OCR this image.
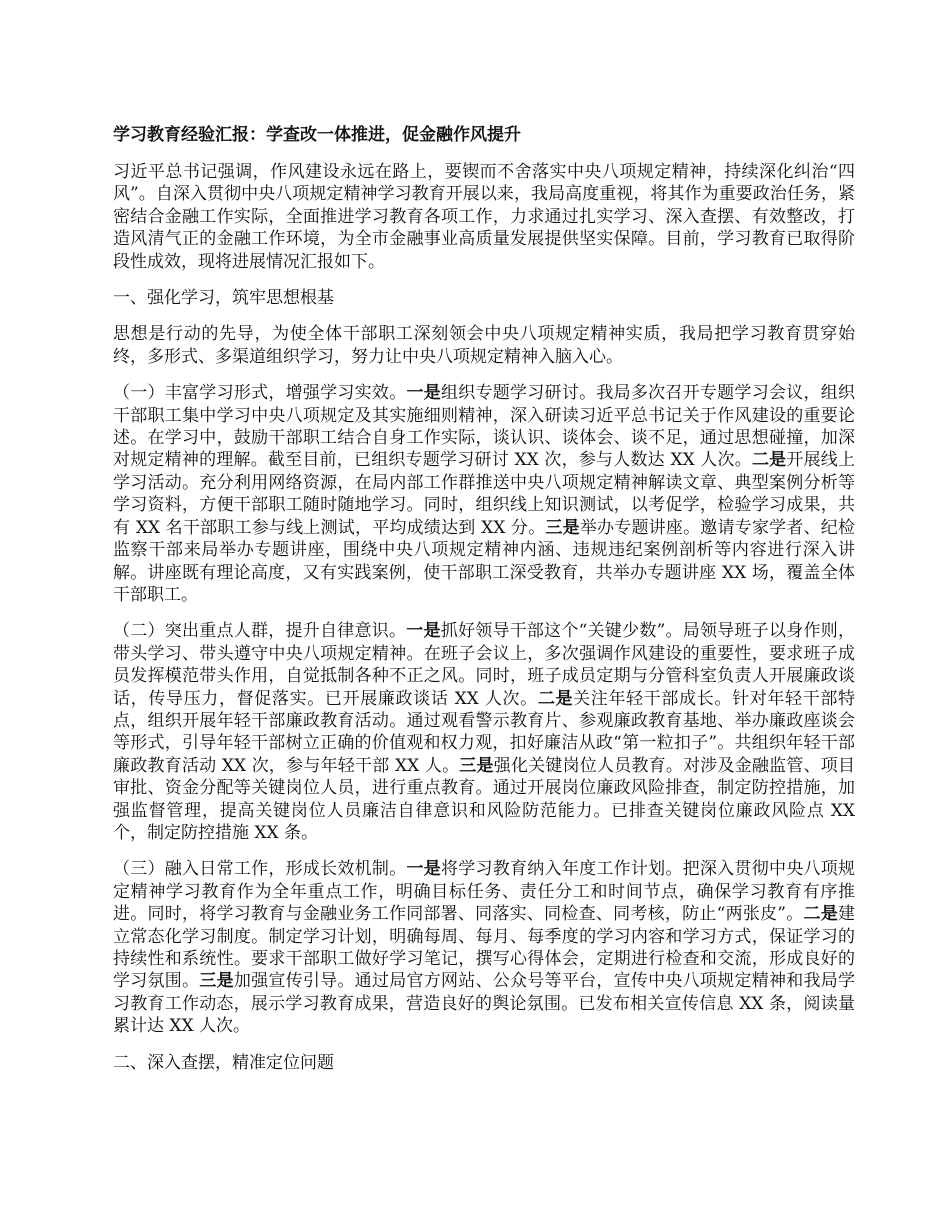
学习教育经验汇报：学查改一体推进，促金融作风提升

习近平总书记强调，作风建设永远在路上，要锲而不舍落实中央八项规定精神，持续深化纠治“四风”。自深入贯彻中央八项规定精神学习教育开展以来，我局高度重视，将其作为重要政治任务，紧密结合金融工作实际，全面推进学习教育各项工作，力求通过扎实学习、深入查摆、有效整改，打造风清气正的金融工作环境，为全市金融事业高质量发展提供坚实保障。目前，学习教育已取得阶段性成效，现将进展情况汇报如下。

一、强化学习，筑牢思想根基

思想是行动的先导，为使全体干部职工深刻领会中央八项规定精神实质，我局把学习教育贯穿始终，多形式、多渠道组织学习，努力让中央八项规定精神入脑入心。

（一）丰富学习形式，增强学习实效。一是组织专题学习研讨。我局多次召开专题学习会议，组织干部职工集中学习中央八项规定及其实施细则精神，深入研读习近平总书记关于作风建设的重要论述。在学习中，鼓励干部职工结合自身工作实际，谈认识、谈体会、谈不足，通过思想碰撞，加深对规定精神的理解。截至目前，已组织专题学习研讨 XX 次，参与人数达 XX 人次。二是开展线上学习活动。充分利用网络资源，在局内部工作群推送中央八项规定精神解读文章、典型案例分析等学习资料，方便干部职工随时随地学习。同时，组织线上知识测试，以考促学，检验学习成果，共有 XX 名干部职工参与线上测试，平均成绩达到 XX 分。三是举办专题讲座。邀请专家学者、纪检监察干部来局举办专题讲座，围绕中央八项规定精神内涵、违规违纪案例剖析等内容进行深入讲解。讲座既有理论高度，又有实践案例，使干部职工深受教育，共举办专题讲座 XX 场，覆盖全体干部职工。

（二）突出重点人群，提升自律意识。一是抓好领导干部这个“关键少数”。局领导班子以身作则，带头学习、带头遵守中央八项规定精神。在班子会议上，多次强调作风建设的重要性，要求班子成员发挥模范带头作用，自觉抵制各种不正之风。同时，班子成员定期与分管科室负责人开展廉政谈话，传导压力，督促落实。已开展廉政谈话 XX 人次。二是关注年轻干部成长。针对年轻干部特点，组织开展年轻干部廉政教育活动。通过观看警示教育片、参观廉政教育基地、举办廉政座谈会等形式，引导年轻干部树立正确的价值观和权力观，扣好廉洁从政“第一粒扣子”。共组织年轻干部廉政教育活动 XX 次，参与年轻干部 XX 人。三是强化关键岗位人员教育。对涉及金融监管、项目审批、资金分配等关键岗位人员，进行重点教育。通过开展岗位廉政风险排查，制定防控措施，加强监督管理，提高关键岗位人员廉洁自律意识和风险防范能力。已排查关键岗位廉政风险点 XX 个，制定防控措施 XX 条。

（三）融入日常工作，形成长效机制。一是将学习教育纳入年度工作计划。把深入贯彻中央八项规定精神学习教育作为全年重点工作，明确目标任务、责任分工和时间节点，确保学习教育有序推进。同时，将学习教育与金融业务工作同部署、同落实、同检查、同考核，防止“两张皮”。二是建立常态化学习制度。制定学习计划，明确每周、每月、每季度的学习内容和学习方式，保证学习的持续性和系统性。要求干部职工做好学习笔记，撰写心得体会，定期进行检查和交流，形成良好的学习氛围。三是加强宣传引导。通过局官方网站、公众号等平台，宣传中央八项规定精神和我局学习教育工作动态，展示学习教育成果，营造良好的舆论氛围。已发布相关宣传信息 XX 条，阅读量累计达 XX 人次。

二、深入查摆，精准定位问题
